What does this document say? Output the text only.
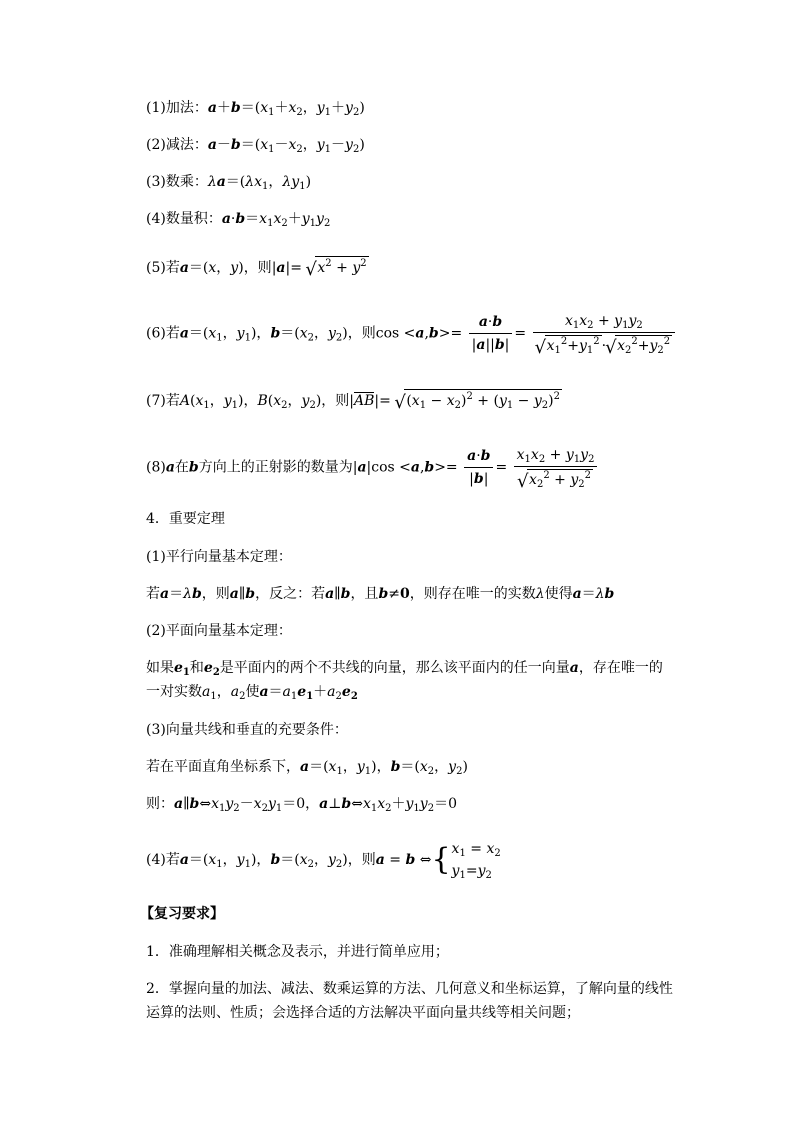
(1)加法：$a+b=(x_1+x_2$，$y_1+y_2$)
(2)减法：$a-b=(x_1-x_2$，$y_1-y_2$)
(3)数乘：$\lambda a=(\lambda x_1$，$\lambda y_1$)
(4)数量积：$a\cdot b=x_1x_2+y_1y_2$
(5)若a＝(x，y)，则|a|= √ $x^2 + y^2$
(6)若$a=(x_1$，$y_1$)，$b=(x_2$，$y_2$)，则$\cos <a,b>= \frac{a\cdot b}{|a||b|} = x_1x_2 + y_1y_2$
√ $x_1^2+y_1^2$ ·√ $x_2^2+y_2^2$
(7)若$A(x_1$，$y_1$)，$B(x_2$，$y_2$)，则|AB|= √ $(x_1 - x_2)^2 + (y_1 - y_2)^2$
(8)a在b方向上的正射影的数量为$|a|\cos <a,b>= \frac{a\cdot b}{|b|} = x_1x_2 + y_1y_2$
√ $x_2^2 + y_2^2$
4．重要定理
(1)平行向量基本定理：
若a＝λb，则a∥b，反之：若a∥b，且b≠0，则存在唯一的实数λ使得a＝λb
(2)平面向量基本定理：
如果$e_1$和$e_2$是平面内的两个不共线的向量，那么该平面内的任一向量a，存在唯一的
一对实数$a_1$，$a_2$使$a=a_1e_1+a_2e_2$
(3)向量共线和垂直的充要条件：
若在平面直角坐标系下，$a=(x_1$，$y_1$)，$b=(x_2$，$y_2$)
则：$a\parallel b\Leftrightarrow x_1y_2-x_2y_1=0$，$a\perp b\Leftrightarrow x_1x_2+y_1y_2=0$
(4)若$a=(x_1$，$y_1$)，$b=(x_2$，$y_2$)，则a = b ⇔{ $x_1 = x_2$
$y_1=y_2$
【复习要求】
1．准确理解相关概念及表示，并进行简单应用；
2．掌握向量的加法、减法、数乘运算的方法、几何意义和坐标运算，了解向量的线性
运算的法则、性质；会选择合适的方法解决平面向量共线等相关问题；
